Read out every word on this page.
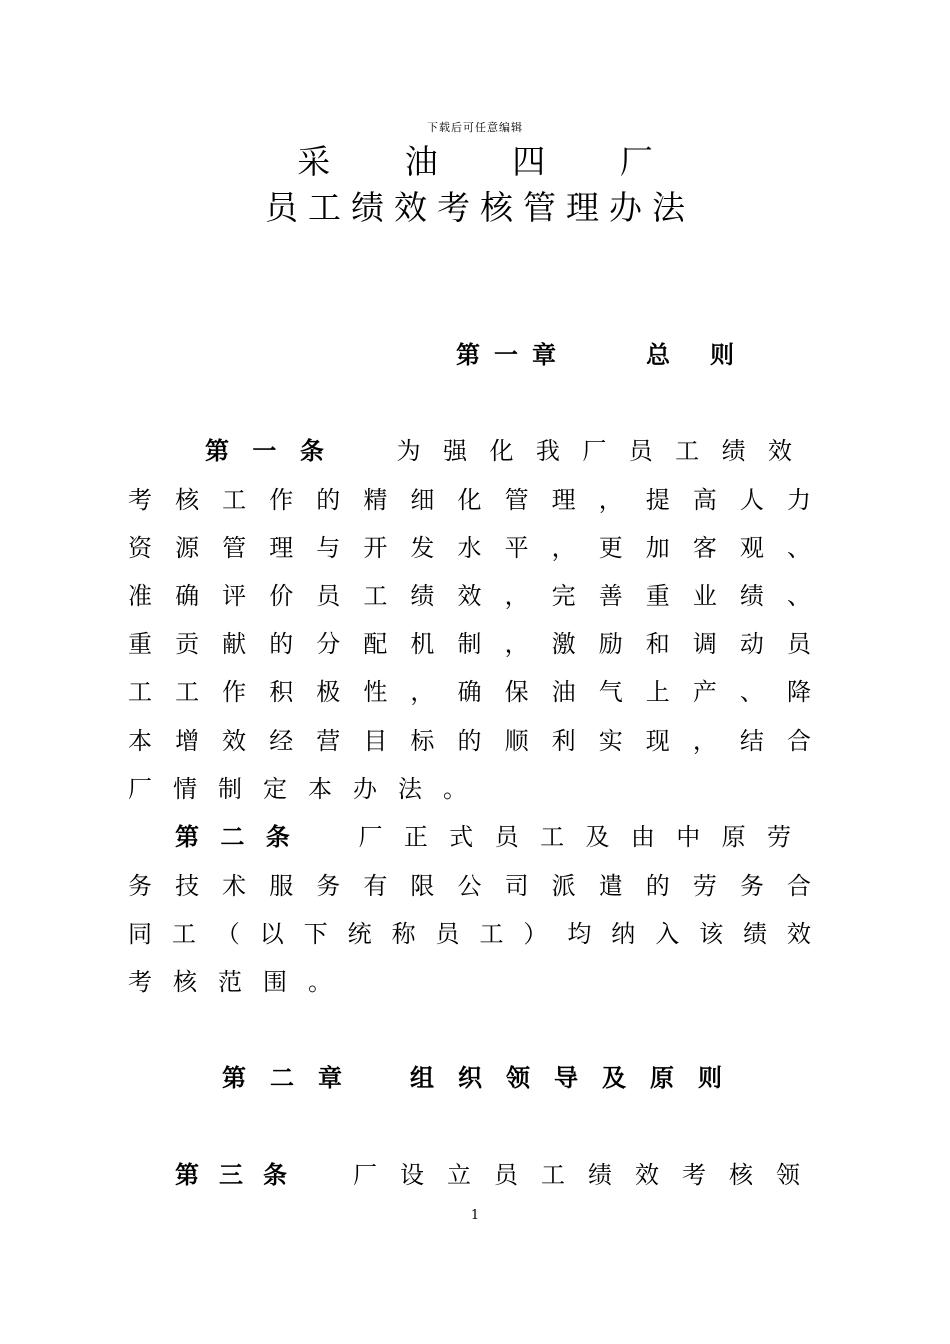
下载后可任意编辑
采 油 四 厂
员工绩效考核管理办法
第一章	总则
第一条 为强化我厂员工绩效
考核工作的精细化管理，提高人力
资源管理与开发水平，更加客观、
准确评价员工绩效，完善重业绩、
重贡献的分配机制，激励和调动员
工工作积极性，确保油气上产、降
本增效经营目标的顺利实现，结合
厂情制定本办法。
第二条 厂正式员工及由中原劳
务技术服务有限公司派遣的劳务合
同工（以下统称员工）均纳入该绩效
考核范围。
第二章 组织领导及原则
第三条 厂设立员工绩效考核领
1
